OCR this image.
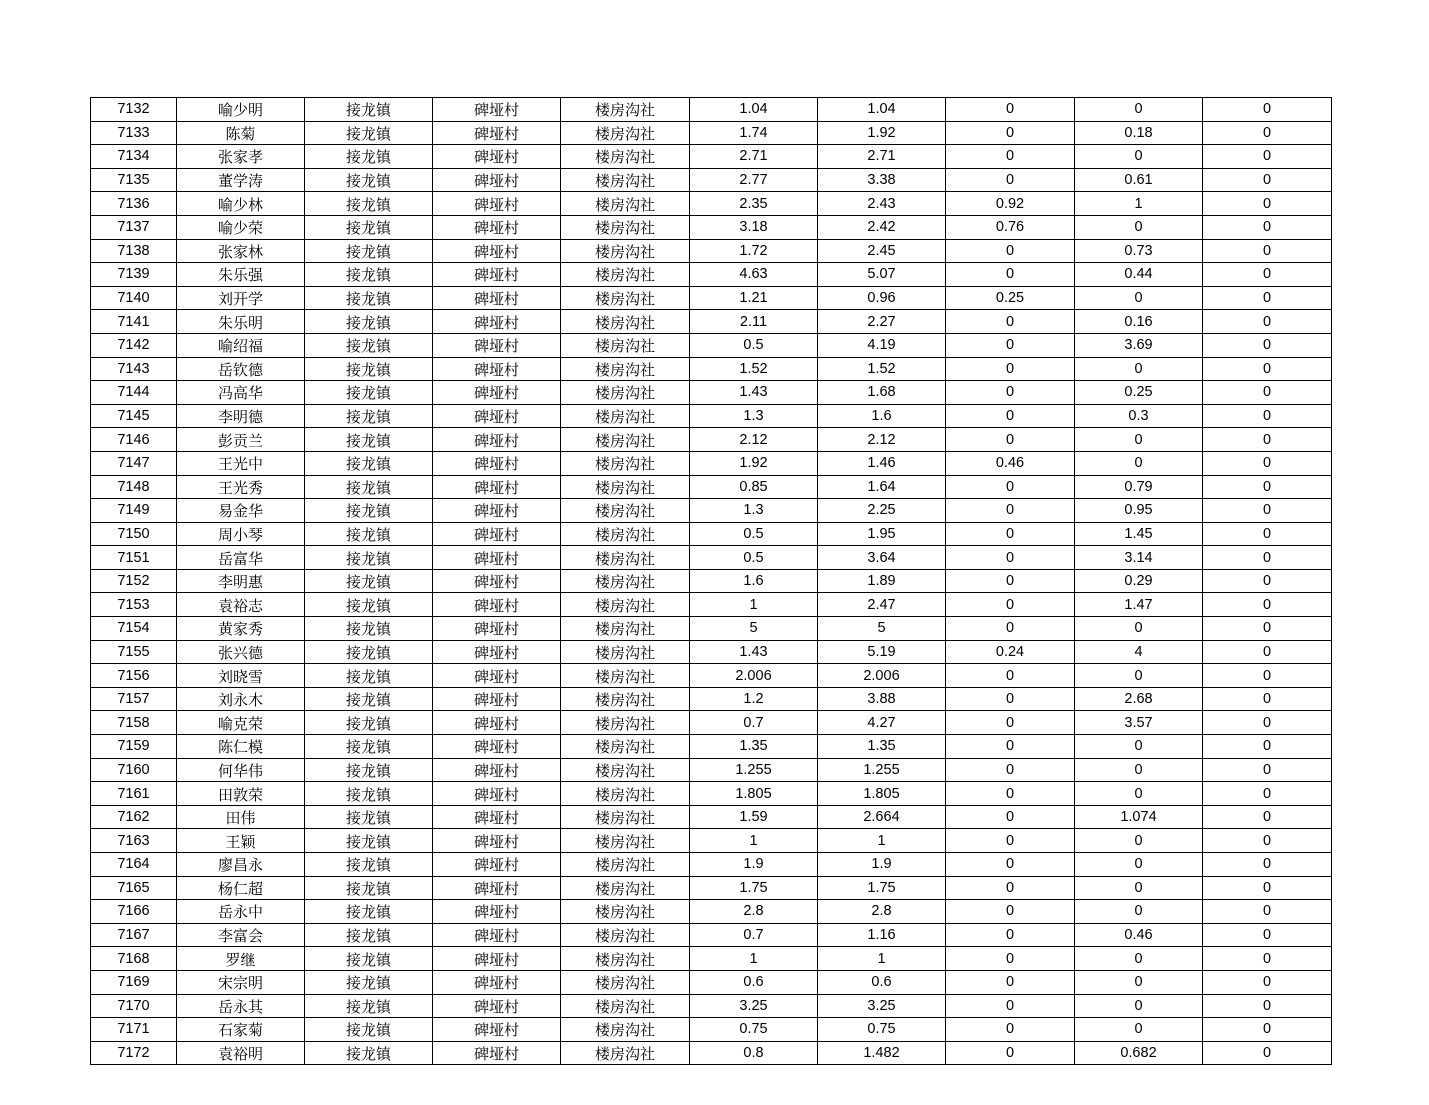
7132	喻少明	接龙镇	碑垭村	楼房沟社	1.04	1.04	0	0	0
7133	陈菊	接龙镇	碑垭村	楼房沟社	1.74	1.92	0	0.18	0
7134	张家孝	接龙镇	碑垭村	楼房沟社	2.71	2.71	0	0	0
7135	董学涛	接龙镇	碑垭村	楼房沟社	2.77	3.38	0	0.61	0
7136	喻少林	接龙镇	碑垭村	楼房沟社	2.35	2.43	0.92	1	0
7137	喻少荣	接龙镇	碑垭村	楼房沟社	3.18	2.42	0.76	0	0
7138	张家林	接龙镇	碑垭村	楼房沟社	1.72	2.45	0	0.73	0
7139	朱乐强	接龙镇	碑垭村	楼房沟社	4.63	5.07	0	0.44	0
7140	刘开学	接龙镇	碑垭村	楼房沟社	1.21	0.96	0.25	0	0
7141	朱乐明	接龙镇	碑垭村	楼房沟社	2.11	2.27	0	0.16	0
7142	喻绍福	接龙镇	碑垭村	楼房沟社	0.5	4.19	0	3.69	0
7143	岳钦德	接龙镇	碑垭村	楼房沟社	1.52	1.52	0	0	0
7144	冯高华	接龙镇	碑垭村	楼房沟社	1.43	1.68	0	0.25	0
7145	李明德	接龙镇	碑垭村	楼房沟社	1.3	1.6	0	0.3	0
7146	彭贡兰	接龙镇	碑垭村	楼房沟社	2.12	2.12	0	0	0
7147	王光中	接龙镇	碑垭村	楼房沟社	1.92	1.46	0.46	0	0
7148	王光秀	接龙镇	碑垭村	楼房沟社	0.85	1.64	0	0.79	0
7149	易金华	接龙镇	碑垭村	楼房沟社	1.3	2.25	0	0.95	0
7150	周小琴	接龙镇	碑垭村	楼房沟社	0.5	1.95	0	1.45	0
7151	岳富华	接龙镇	碑垭村	楼房沟社	0.5	3.64	0	3.14	0
7152	李明惠	接龙镇	碑垭村	楼房沟社	1.6	1.89	0	0.29	0
7153	袁裕志	接龙镇	碑垭村	楼房沟社	1	2.47	0	1.47	0
7154	黄家秀	接龙镇	碑垭村	楼房沟社	5	5	0	0	0
7155	张兴德	接龙镇	碑垭村	楼房沟社	1.43	5.19	0.24	4	0
7156	刘晓雪	接龙镇	碑垭村	楼房沟社	2.006	2.006	0	0	0
7157	刘永木	接龙镇	碑垭村	楼房沟社	1.2	3.88	0	2.68	0
7158	喻克荣	接龙镇	碑垭村	楼房沟社	0.7	4.27	0	3.57	0
7159	陈仁模	接龙镇	碑垭村	楼房沟社	1.35	1.35	0	0	0
7160	何华伟	接龙镇	碑垭村	楼房沟社	1.255	1.255	0	0	0
7161	田敦荣	接龙镇	碑垭村	楼房沟社	1.805	1.805	0	0	0
7162	田伟	接龙镇	碑垭村	楼房沟社	1.59	2.664	0	1.074	0
7163	王颖	接龙镇	碑垭村	楼房沟社	1	1	0	0	0
7164	廖昌永	接龙镇	碑垭村	楼房沟社	1.9	1.9	0	0	0
7165	杨仁超	接龙镇	碑垭村	楼房沟社	1.75	1.75	0	0	0
7166	岳永中	接龙镇	碑垭村	楼房沟社	2.8	2.8	0	0	0
7167	李富会	接龙镇	碑垭村	楼房沟社	0.7	1.16	0	0.46	0
7168	罗继	接龙镇	碑垭村	楼房沟社	1	1	0	0	0
7169	宋宗明	接龙镇	碑垭村	楼房沟社	0.6	0.6	0	0	0
7170	岳永其	接龙镇	碑垭村	楼房沟社	3.25	3.25	0	0	0
7171	石家菊	接龙镇	碑垭村	楼房沟社	0.75	0.75	0	0	0
7172	袁裕明	接龙镇	碑垭村	楼房沟社	0.8	1.482	0	0.682	0
